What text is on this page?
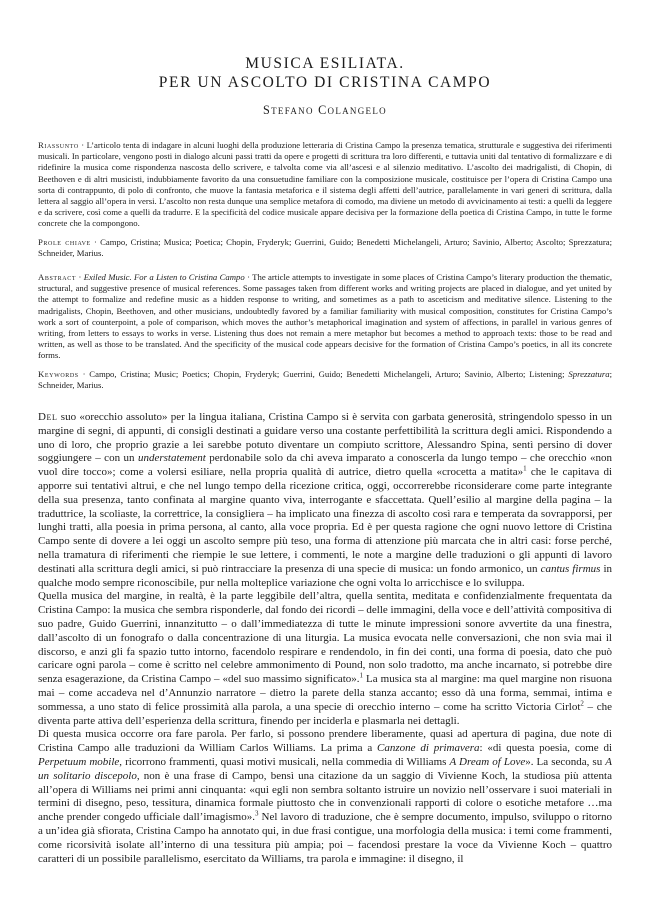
MUSICA ESILIATA.
PER UN ASCOLTO DI CRISTINA CAMPO
Stefano Colangelo

Riassunto · L’articolo tenta di indagare in alcuni luoghi della produzione letteraria di Cristina Campo la presenza tematica, strutturale e suggestiva dei riferimenti musicali. In particolare, vengono posti in dialogo alcuni passi tratti da opere e progetti di scrittura tra loro differenti, e tuttavia uniti dal tentativo di formalizzare e di ridefinire la musica come rispondenza nascosta dello scrivere, e talvolta come via all’ascesi e al silenzio meditativo. L’ascolto dei madrigalisti, di Chopin, di Beethoven e di altri musicisti, indubbiamente favorito da una consuetudine familiare con la composizione musicale, costituisce per l’opera di Cristina Campo una sorta di contrappunto, di polo di confronto, che muove la fantasia metaforica e il sistema degli affetti dell’autrice, parallelamente in vari generi di scrittura, dalla lettera al saggio all’opera in versi. L’ascolto non resta dunque una semplice metafora di comodo, ma diviene un metodo di avvicinamento ai testi: a quelli da leggere e da scrivere, così come a quelli da tradurre. E la specificità del codice musicale appare decisiva per la formazione della poetica di Cristina Campo, in tutte le forme concrete che la compongono.

Prole chiave · Campo, Cristina; Musica; Poetica; Chopin, Fryderyk; Guerrini, Guido; Benedetti Michelangeli, Arturo; Savinio, Alberto; Ascolto; Sprezzatura; Schneider, Marius.

Abstract · Exiled Music. For a Listen to Cristina Campo · The article attempts to investigate in some places of Cristina Campo’s literary production the thematic, structural, and suggestive presence of musical references. Some passages taken from different works and writing projects are placed in dialogue, and yet united by the attempt to formalize and redefine music as a hidden response to writing, and sometimes as a path to asceticism and meditative silence. Listening to the madrigalists, Chopin, Beethoven, and other musicians, undoubtedly favored by a familiar familiarity with musical composition, constitutes for Cristina Campo’s work a sort of counterpoint, a pole of comparison, which moves the author’s metaphorical imagination and system of affections, in parallel in various genres of writing, from letters to essays to works in verse. Listening thus does not remain a mere metaphor but becomes a method to approach texts: those to be read and written, as well as those to be translated. And the specificity of the musical code appears decisive for the formation of Cristina Campo’s poetics, in all its concrete forms.

Keywords · Campo, Cristina; Music; Poetics; Chopin, Fryderyk; Guerrini, Guido; Benedetti Michelangeli, Arturo; Savinio, Alberto; Listening; Sprezzatura; Schneider, Marius.

Del suo «orecchio assoluto» per la lingua italiana, Cristina Campo si è servita con garbata generosità, stringendolo spesso in un margine di segni, di appunti, di consigli destinati a guidare verso una costante perfettibilità la scrittura degli amici. Rispondendo a uno di loro, che proprio grazie a lei sarebbe potuto diventare un compiuto scrittore, Alessandro Spina, sentì persino di dover soggiungere – con un understatement perdonabile solo da chi aveva imparato a conoscerla da lungo tempo – che orecchio «non vuol dire tocco»; come a volersi esiliare, nella propria qualità di autrice, dietro quella «crocetta a matita»$^1$ che le capitava di apporre sui tentativi altrui, e che nel lungo tempo della ricezione critica, oggi, occorrerebbe riconsiderare come parte integrante della sua presenza, tanto confinata al margine quanto viva, interrogante e sfaccettata. Quell’esilio al margine della pagina – la traduttrice, la scoliaste, la correttrice, la consigliera – ha implicato una finezza di ascolto così rara e temperata da sovrapporsi, per lunghi tratti, alla poesia in prima persona, al canto, alla voce propria. Ed è per questa ragione che ogni nuovo lettore di Cristina Campo sente di dovere a lei oggi un ascolto sempre più teso, una forma di attenzione più marcata che in altri casi: forse perché, nella tramatura di riferimenti che riempie le sue lettere, i commenti, le note a margine delle traduzioni o gli appunti di lavoro destinati alla scrittura degli amici, si può rintracciare la presenza di una specie di musica: un fondo armonico, un cantus firmus in qualche modo sempre riconoscibile, pur nella molteplice variazione che ogni volta lo arricchisce e lo sviluppa.

Quella musica del margine, in realtà, è la parte leggibile dell’altra, quella sentita, meditata e confidenzialmente frequentata da Cristina Campo: la musica che sembra risponderle, dal fondo dei ricordi – delle immagini, della voce e dell’attività compositiva di suo padre, Guido Guerrini, innanzitutto – o dall’immediatezza di tutte le minute impressioni sonore avvertite da una finestra, dall’ascolto di un fonografo o dalla concentrazione di una liturgia. La musica evocata nelle conversazioni, che non svia mai il discorso, e anzi gli fa spazio tutto intorno, facendolo respirare e rendendolo, in fin dei conti, una forma di poesia, dato che può caricare ogni parola – come è scritto nel celebre ammonimento di Pound, non solo tradotto, ma anche incarnato, si potrebbe dire senza esagerazione, da Cristina Campo – «del suo massimo significato».$^1$ La musica sta al margine: ma quel margine non risuona mai – come accadeva nel d’Annunzio narratore – dietro la parete della stanza accanto; esso dà una forma, semmai, intima e sommessa, a uno stato di felice prossimità alla parola, a una specie di orecchio interno – come ha scritto Victoria Cirlot$^2$ – che diventa parte attiva dell’esperienza della scrittura, finendo per inciderla e plasmarla nei dettagli.

Di questa musica occorre ora fare parola. Per farlo, si possono prendere liberamente, quasi ad apertura di pagina, due note di Cristina Campo alle traduzioni da William Carlos Williams. La prima a Canzone di primavera: «di questa poesia, come di Perpetuum mobile, ricorrono frammenti, quasi motivi musicali, nella commedia di Williams A Dream of Love». La seconda, su A un solitario discepolo, non è una frase di Campo, bensì una citazione da un saggio di Vivienne Koch, la studiosa più attenta all’opera di Williams nei primi anni cinquanta: «qui egli non sembra soltanto istruire un novizio nell’osservare i suoi materiali in termini di disegno, peso, tessitura, dinamica formale piuttosto che in convenzionali rapporti di colore o esotiche metafore …ma anche prender congedo ufficiale dall’imagismo».$^3$ Nel lavoro di traduzione, che è sempre documento, impulso, sviluppo o ritorno a un’idea già sfiorata, Cristina Campo ha annotato qui, in due frasi contigue, una morfologia della musica: i temi come frammenti, come ricorsività isolate all’interno di una tessitura più ampia; poi – facendosi prestare la voce da Vivienne Koch – quattro caratteri di un possibile parallelismo, esercitato da Williams, tra parola e immagine: il disegno, il
